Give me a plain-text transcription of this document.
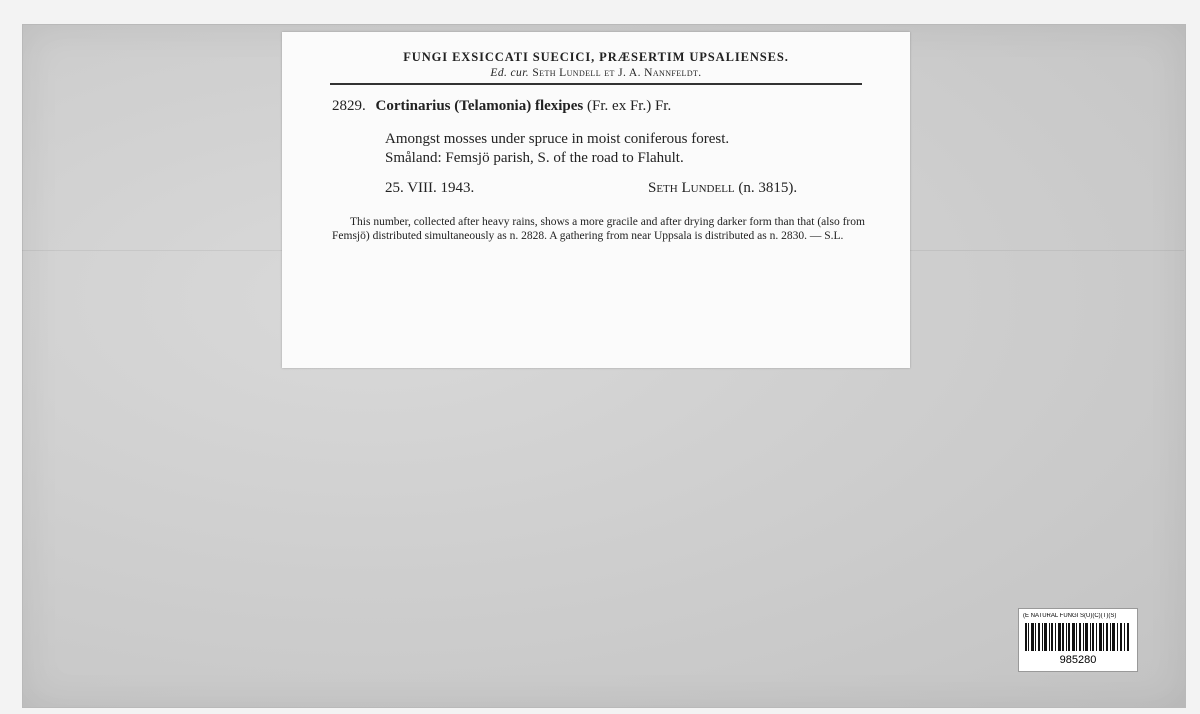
FUNGI EXSICCATI SUECICI, PRÆSERTIM UPSALIENSES.
Ed. cur. Seth Lundell et J. A. Nannfeldt.
2829. Cortinarius (Telamonia) flexipes (Fr. ex Fr.) Fr.
Amongst mosses under spruce in moist coniferous forest.
Småland: Femsjö parish, S. of the road to Flahult.
25. VIII. 1943.	Seth Lundell (n. 3815).
This number, collected after heavy rains, shows a more gracile and after drying darker form than that (also from Femsjö) distributed simultaneously as n. 2828. A gathering from near Uppsala is distributed as n. 2830. — S.L.
(E NATURAL FUNGI S(U)(C)(T)(S)
985280
